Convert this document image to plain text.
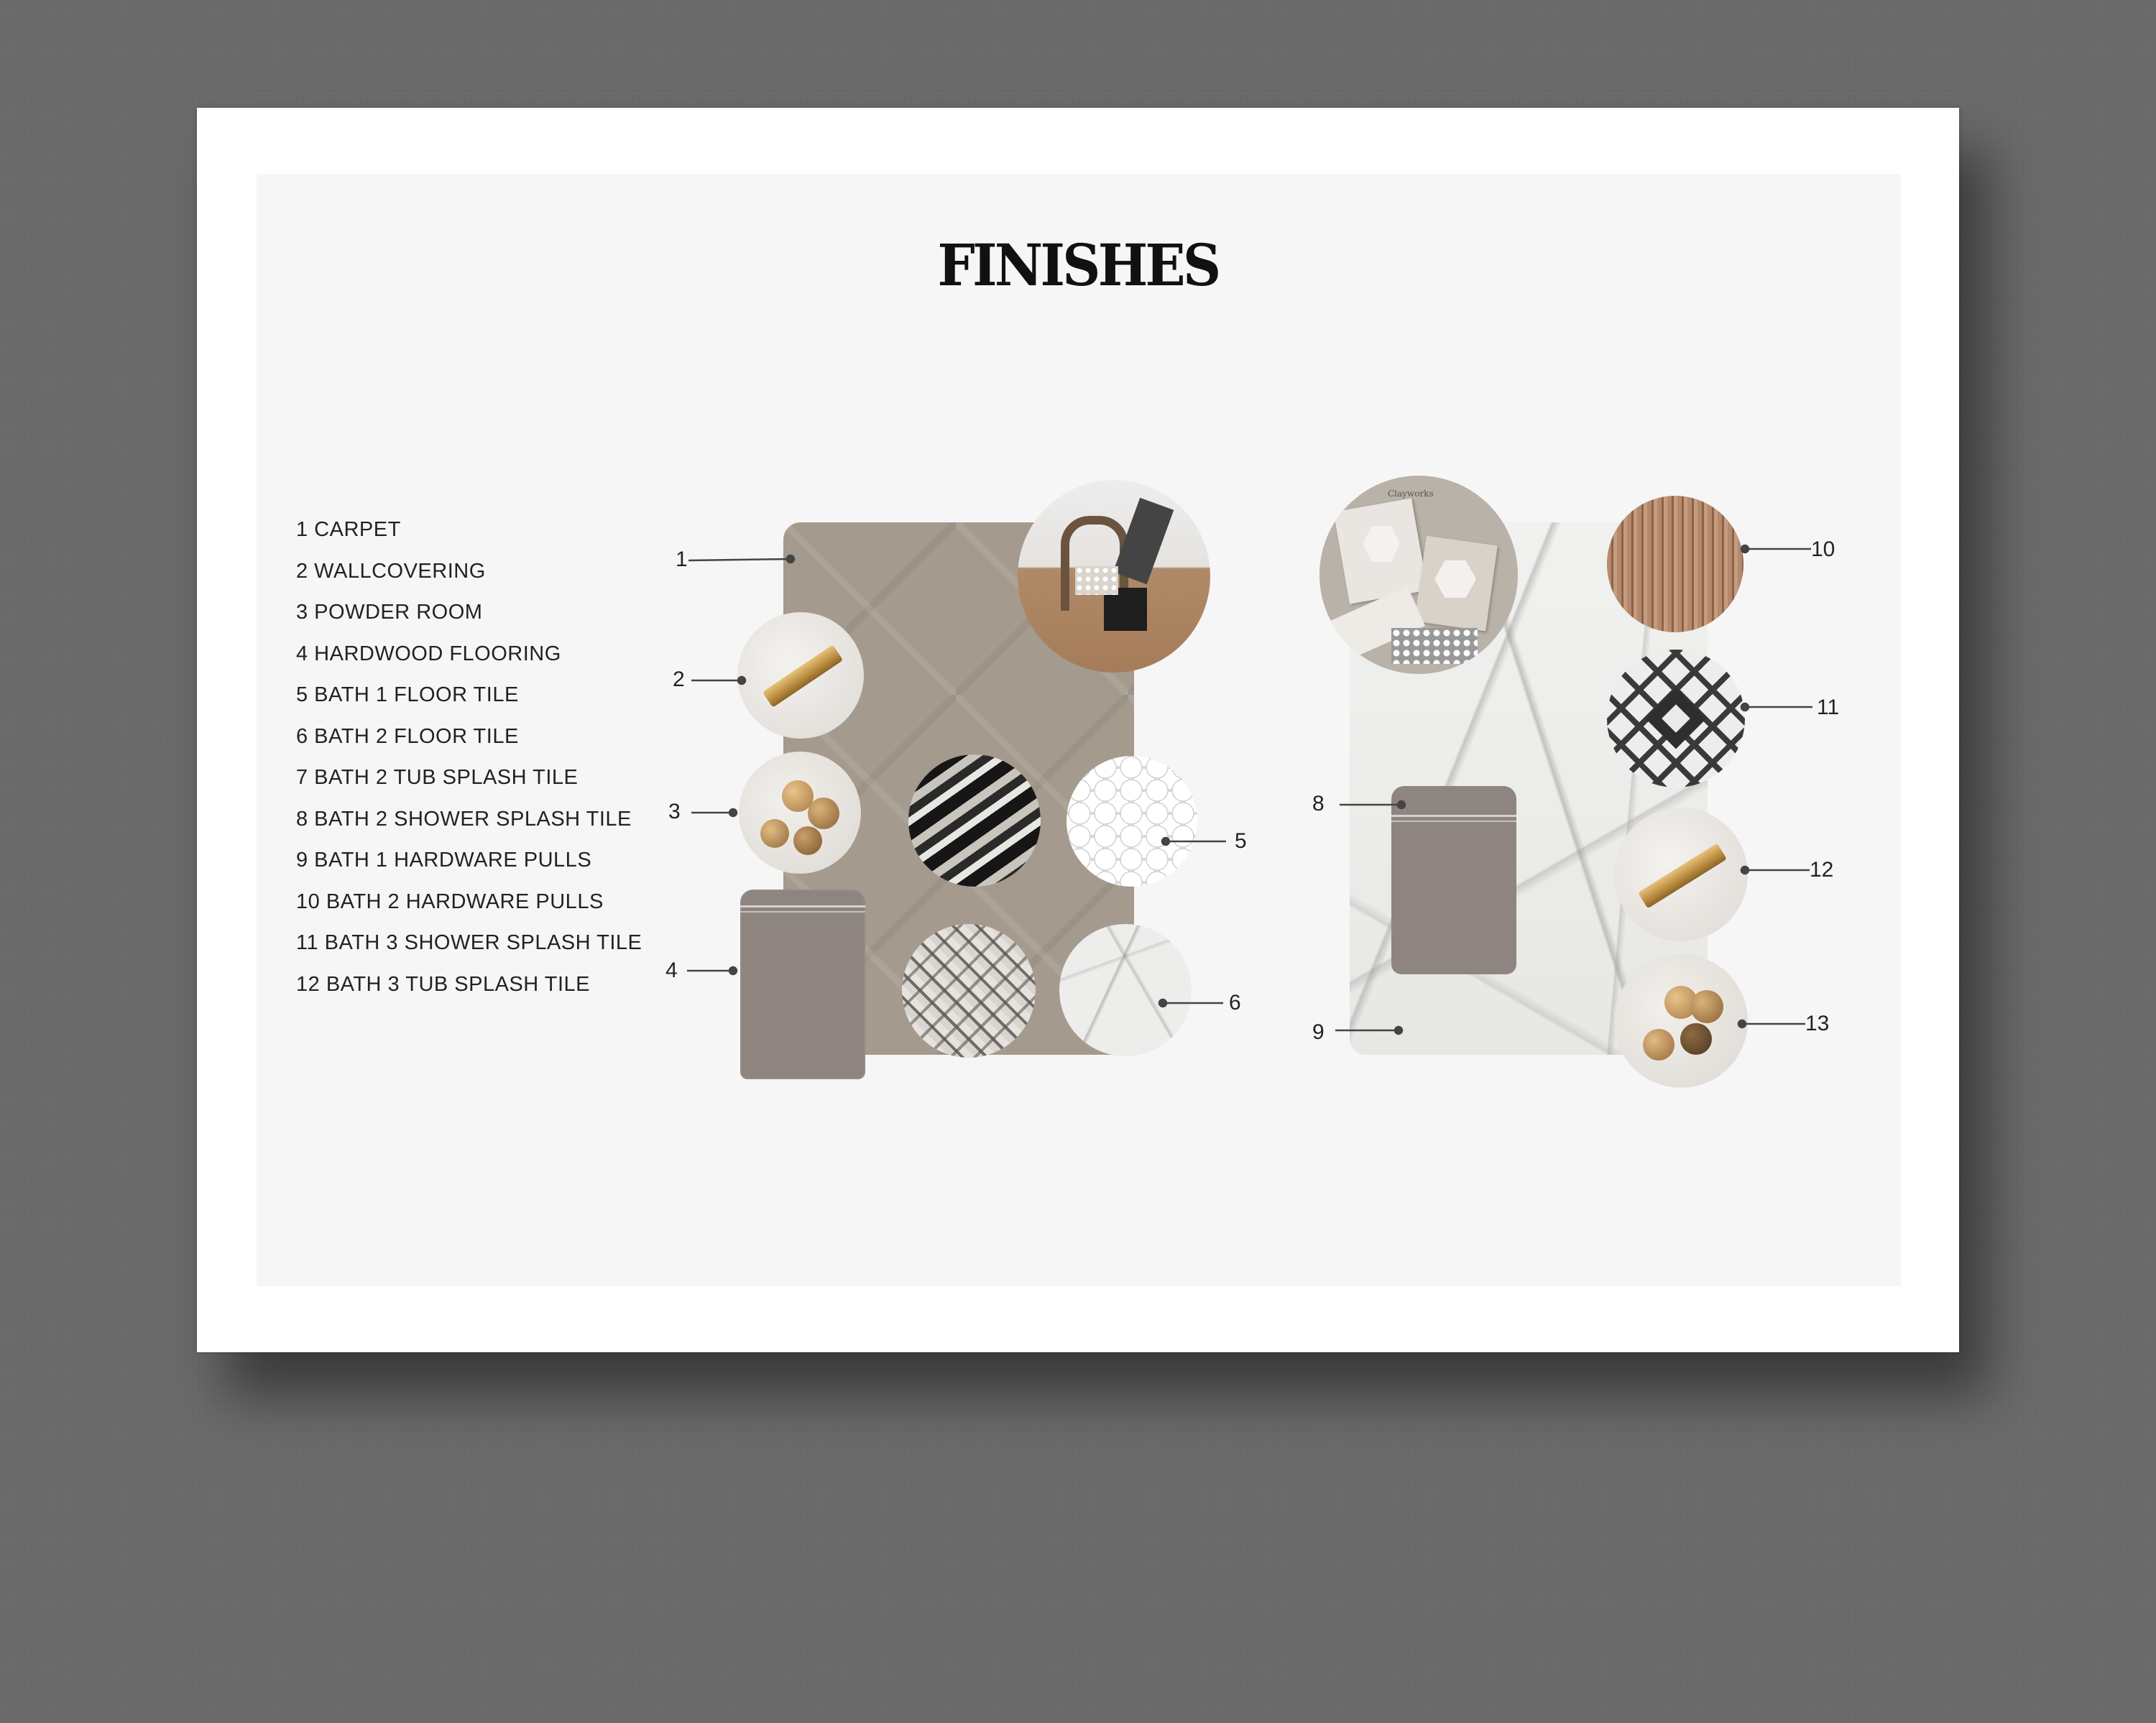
FINISHES
1 CARPET
2 WALLCOVERING
3 POWDER ROOM
4 HARDWOOD FLOORING
5 BATH 1 FLOOR TILE
6 BATH 2 FLOOR TILE
7 BATH 2 TUB SPLASH TILE
8 BATH 2 SHOWER SPLASH TILE
9 BATH 1 HARDWARE PULLS
10 BATH 2 HARDWARE PULLS
11 BATH 3 SHOWER SPLASH TILE
12 BATH 3 TUB SPLASH TILE
Clayworks
1
2
3
4
5
6
8
9
10
11
12
13
